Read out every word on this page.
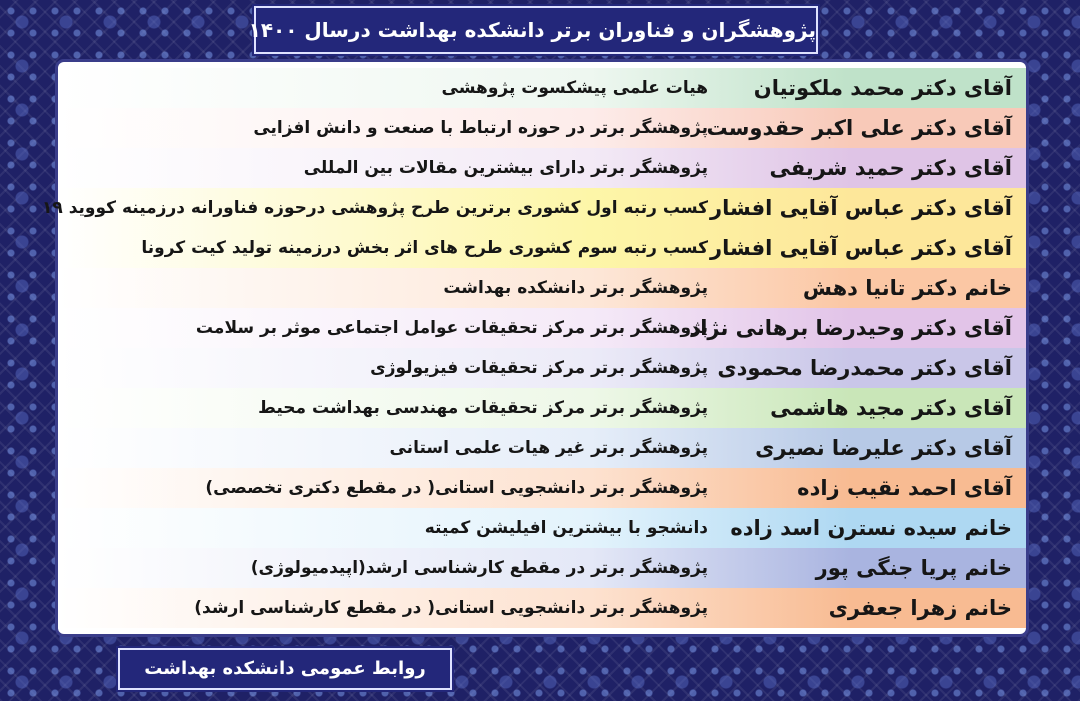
پژوهشگران و فناوران برتر دانشکده بهداشت درسال ۱۴۰۰
آقای دکتر محمد ملکوتیان
هیات علمی پیشکسوت پژوهشی
آقای دکتر علی اکبر حقدوست
پژوهشگر برتر در حوزه ارتباط با صنعت و دانش افزایی
آقای دکتر حمید شریفی
پژوهشگر برتر دارای بیشترین مقالات بین المللی
آقای دکتر عباس آقایی افشار
کسب رتبه اول کشوری برترین طرح پژوهشی درحوزه فناورانه درزمینه کووید ۱۹
آقای دکتر عباس آقایی افشار
کسب رتبه سوم کشوری طرح های اثر بخش درزمینه تولید کیت کرونا
خانم دکتر تانیا دهش
پژوهشگر برتر دانشکده بهداشت
آقای دکتر وحیدرضا برهانی نژاد
پژوهشگر برتر مرکز تحقیقات عوامل اجتماعی موثر بر سلامت
آقای دکتر محمدرضا محمودی
پژوهشگر برتر مرکز تحقیقات فیزیولوژی
آقای دکتر مجید هاشمی
پژوهشگر برتر مرکز تحقیقات مهندسی بهداشت محیط
آقای دکتر علیرضا نصیری
پژوهشگر برتر غیر هیات علمی استانی
آقای احمد نقیب زاده
پژوهشگر برتر دانشجویی استانی( در مقطع دکتری تخصصی)
خانم سیده نسترن اسد زاده
دانشجو با بیشترین افیلیشن کمیته
خانم پریا جنگی پور
پژوهشگر برتر در مقطع کارشناسی ارشد(اپیدمیولوژی)
خانم زهرا جعفری
پژوهشگر برتر دانشجویی استانی( در مقطع کارشناسی ارشد)
روابط عمومی دانشکده بهداشت
